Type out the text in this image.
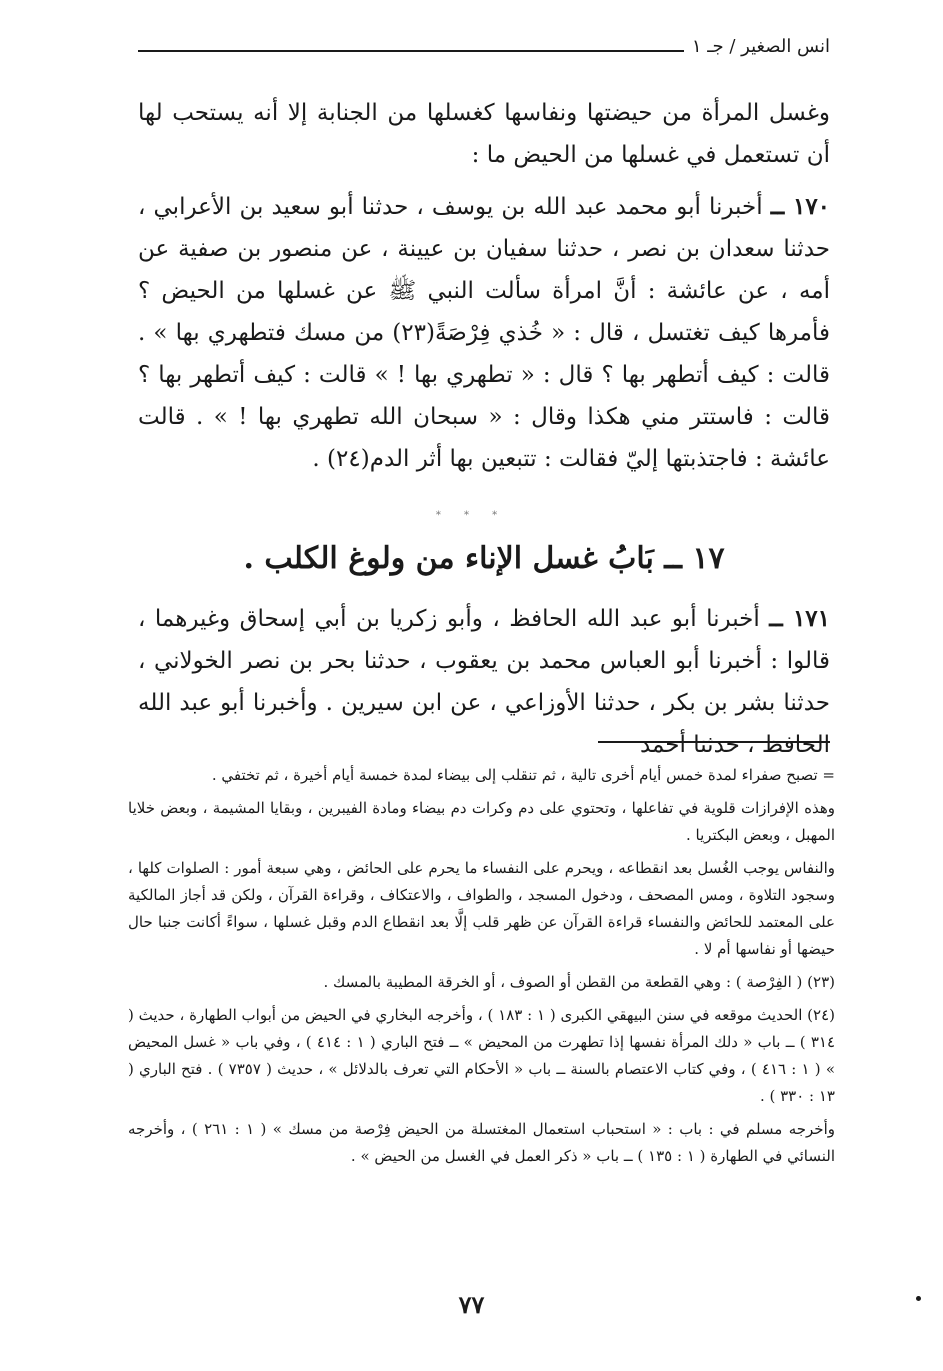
انس الصغير / جـ ١

وغسل المرأة من حيضتها ونفاسها كغسلها من الجنابة إلا أنه يستحب لها أن تستعمل في غسلها من الحيض ما :

١٧٠ ــ أخبرنا أبو محمد عبد الله بن يوسف ، حدثنا أبو سعيد بن الأعرابي ، حدثنا سعدان بن نصر ، حدثنا سفيان بن عيينة ، عن منصور بن صفية عن أمه ، عن عائشة : أنَّ امرأة سألت النبي ﷺ عن غسلها من الحيض ؟ فأمرها كيف تغتسل ، قال : « خُذي فِرْصَةً(٢٣) من مسك فتطهري بها » . قالت : كيف أتطهر بها ؟ قال : « تطهري بها ! » قالت : كيف أتطهر بها ؟ قالت : فاستتر مني هكذا وقال : « سبحان الله تطهري بها ! » . قالت عائشة : فاجتذبتها إليّ فقالت : تتبعين بها أثر الدم(٢٤) .

* * *
١٧ ــ بَابُ غسل الإناء من ولوغ الكلب .

١٧١ ــ أخبرنا أبو عبد الله الحافظ ، وأبو زكريا بن أبي إسحاق وغيرهما ، قالوا : أخبرنا أبو العباس محمد بن يعقوب ، حدثنا بحر بن نصر الخولاني ، حدثنا بشر بن بكر ، حدثنا الأوزاعي ، عن ابن سيرين . وأخبرنا أبو عبد الله الحافظ ، حدثنا أحمد

= تصبح صفراء لمدة خمس أيام أخرى تالية ، ثم تنقلب إلى بيضاء لمدة خمسة أيام أخيرة ، ثم تختفي .

وهذه الإفرازات قلوية في تفاعلها ، وتحتوي على دم وكرات دم بيضاء ومادة الفيبرين ، وبقايا المشيمة ، وبعض خلايا المهبل ، وبعض البكتريا .

والنفاس يوجب الغُسل بعد انقطاعه ، ويحرم على النفساء ما يحرم على الحائض ، وهي سبعة أمور : الصلوات كلها ، وسجود التلاوة ، ومس المصحف ، ودخول المسجد ، والطواف ، والاعتكاف ، وقراءة القرآن ، ولكن قد أجاز المالكية على المعتمد للحائض والنفساء قراءة القرآن عن ظهر قلب إلَّا بعد انقطاع الدم وقبل غسلها ، سواءً أكانت جنبا حال حيضها أو نفاسها أم لا .

(٢٣) ( الفِرْصة ) : وهي القطعة من القطن أو الصوف ، أو الخرقة المطيبة بالمسك .

(٢٤) الحديث موقعه في سنن البيهقي الكبرى ( ١ : ١٨٣ ) ، وأخرجه البخاري في الحيض من أبواب الطهارة ، حديث ( ٣١٤ ) ــ باب « دلك المرأة نفسها إذا تطهرت من المحيض » ــ فتح الباري ( ١ : ٤١٤ ) ، وفي باب « غسل المحيض » ( ١ : ٤١٦ ) ، وفي كتاب الاعتصام بالسنة ــ باب « الأحكام التي تعرف بالدلائل » ، حديث ( ٧٣٥٧ ) . فتح الباري ( ١٣ : ٣٣٠ ) .

وأخرجه مسلم في : باب : « استحباب استعمال المغتسلة من الحيض فِرْصة من مسك » ( ١ : ٢٦١ ) ، وأخرجه النسائي في الطهارة ( ١ : ١٣٥ ) ــ باب « ذكر العمل في الغسل من الحيض » .

٧٧
